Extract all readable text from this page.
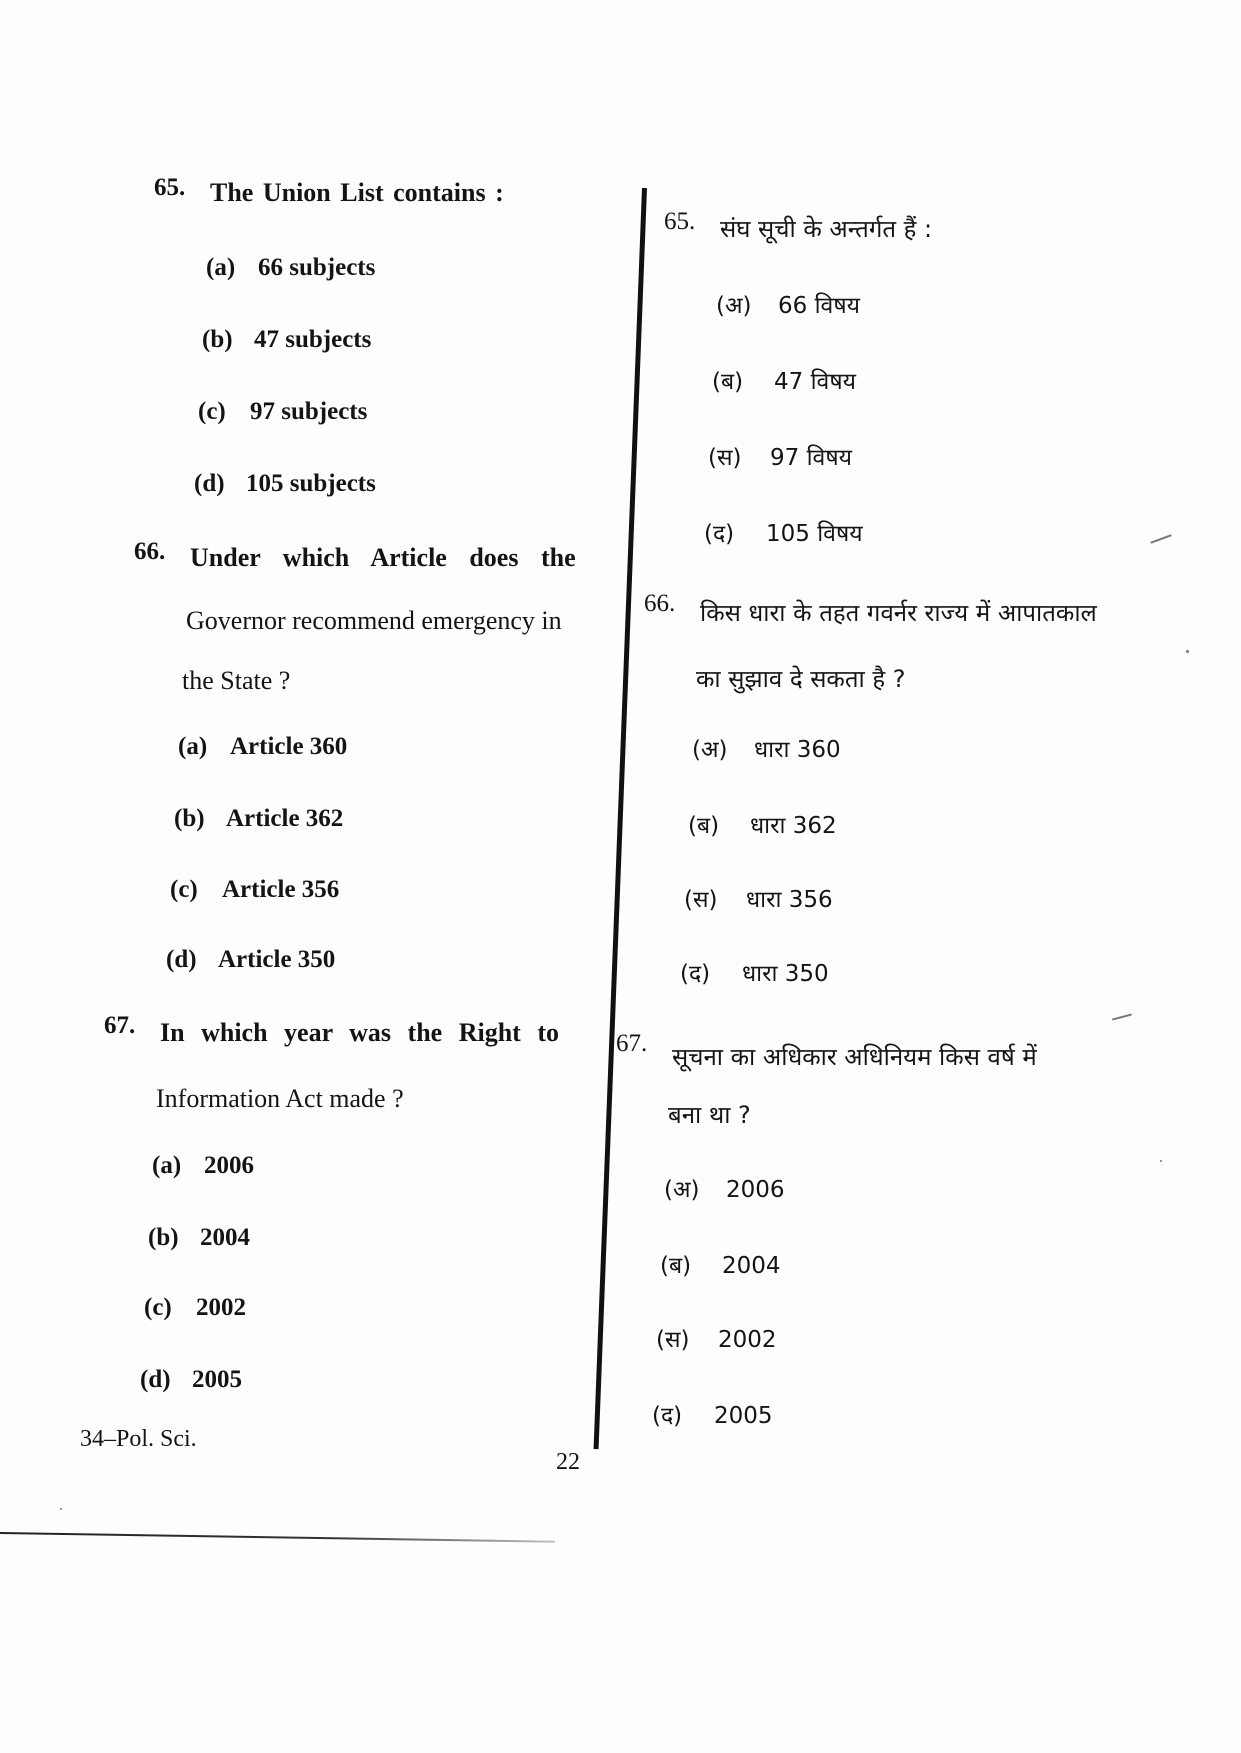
65. The Union List contains :
(a) 66 subjects
(b) 47 subjects
(c) 97 subjects
(d) 105 subjects
66. Under which Article does the
Governor recommend emergency in
the State ?
(a) Article 360
(b) Article 362
(c) Article 356
(d) Article 350
67. In which year was the Right to
Information Act made ?
(a) 2006
(b) 2004
(c) 2002
(d) 2005
65. संघ सूची के अन्तर्गत हैं :
(अ) 66 विषय
(ब) 47 विषय
(स) 97 विषय
(द) 105 विषय
66. किस धारा के तहत गवर्नर राज्य में आपातकाल
का सुझाव दे सकता है ?
(अ) धारा 360
(ब) धारा 362
(स) धारा 356
(द) धारा 350
67. सूचना का अधिकार अधिनियम किस वर्ष में
बना था ?
(अ) 2006
(ब) 2004
(स) 2002
(द) 2005
34–Pol. Sci.
22
